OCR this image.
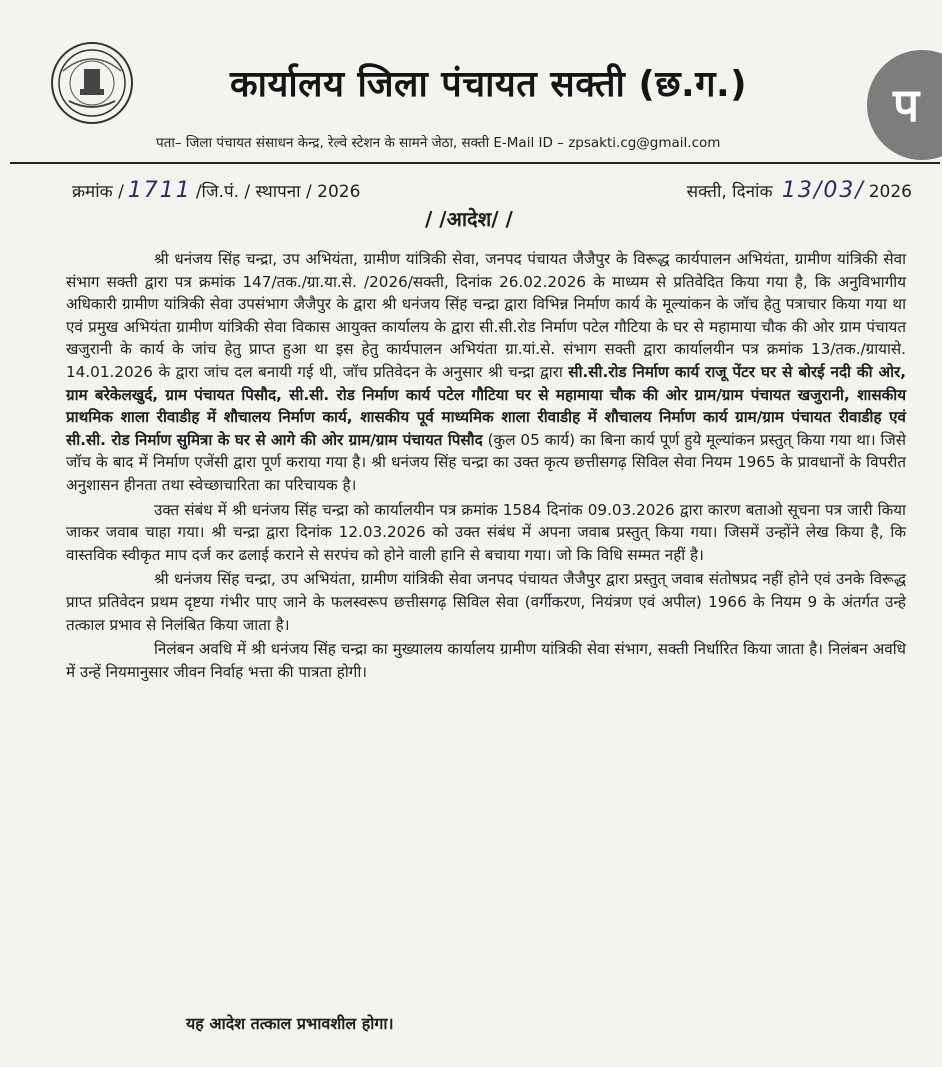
कार्यालय जिला पंचायत सक्ती (छ.ग.)	प
पता– जिला पंचायत संसाधन केन्द्र, रेल्वे स्टेशन के सामने जेठा, सक्ती E-Mail ID – zpsakti.cg@gmail.com
क्रमांक / 1711 /जि.पं. / स्थापना / 2026	सक्ती, दिनांक 13/03/ 2026
/ /आदेश/ /

श्री धनंजय सिंह चन्द्रा, उप अभियंता, ग्रामीण यांत्रिकी सेवा, जनपद पंचायत जैजैपुर के विरूद्ध कार्यपालन अभियंता, ग्रामीण यांत्रिकी सेवा संभाग सक्ती द्वारा पत्र क्रमांक 147/तक./ग्रा.या.से. /2026/सक्ती, दिनांक 26.02.2026 के माध्यम से प्रतिवेदित किया गया है, कि अनुविभागीय अधिकारी ग्रामीण यांत्रिकी सेवा उपसंभाग जैजैपुर के द्वारा श्री धनंजय सिंह चन्द्रा द्वारा विभिन्न निर्माण कार्य के मूल्यांकन के जॉच हेतु पत्राचार किया गया था एवं प्रमुख अभियंता ग्रामीण यांत्रिकी सेवा विकास आयुक्त कार्यालय के द्वारा सी.सी.रोड निर्माण पटेल गौटिया के घर से महामाया चौक की ओर ग्राम पंचायत खजुरानी के कार्य के जांच हेतु प्राप्त हुआ था इस हेतु कार्यपालन अभियंता ग्रा.यां.से. संभाग सक्ती द्वारा कार्यालयीन पत्र क्रमांक 13/तक./ग्रायासे. 14.01.2026 के द्वारा जांच दल बनायी गई थी, जॉच प्रतिवेदन के अनुसार श्री चन्द्रा द्वारा सी.सी.रोड निर्माण कार्य राजू पेंटर घर से बोरई नदी की ओर, ग्राम बरेकेलखुर्द, ग्राम पंचायत पिसौद, सी.सी. रोड निर्माण कार्य पटेल गौटिया घर से महामाया चौक की ओर ग्राम/ग्राम पंचायत खजुरानी, शासकीय प्राथमिक शाला रीवाडीह में शौचालय निर्माण कार्य, शासकीय पूर्व माध्यमिक शाला रीवाडीह में शौचालय निर्माण कार्य ग्राम/ग्राम पंचायत रीवाडीह एवं सी.सी. रोड निर्माण सुमित्रा के घर से आगे की ओर ग्राम/ग्राम पंचायत पिसौद (कुल 05 कार्य) का बिना कार्य पूर्ण हुये मूल्यांकन प्रस्तुत् किया गया था। जिसे जॉच के बाद में निर्माण एजेंसी द्वारा पूर्ण कराया गया है। श्री धनंजय सिंह चन्द्रा का उक्त कृत्य छत्तीसगढ़ सिविल सेवा नियम 1965 के प्रावधानों के विपरीत अनुशासन हीनता तथा स्वेच्छाचारिता का परिचायक है।

उक्त संबंध में श्री धनंजय सिंह चन्द्रा को कार्यालयीन पत्र क्रमांक 1584 दिनांक 09.03.2026 द्वारा कारण बताओ सूचना पत्र जारी किया जाकर जवाब चाहा गया। श्री चन्द्रा द्वारा दिनांक 12.03.2026 को उक्त संबंध में अपना जवाब प्रस्तुत् किया गया। जिसमें उन्होंने लेख किया है, कि वास्तविक स्वीकृत माप दर्ज कर ढलाई कराने से सरपंच को होने वाली हानि से बचाया गया। जो कि विधि सम्मत नहीं है।

श्री धनंजय सिंह चन्द्रा, उप अभियंता, ग्रामीण यांत्रिकी सेवा जनपद पंचायत जैजैपुर द्वारा प्रस्तुत् जवाब संतोषप्रद नहीं होने एवं उनके विरूद्ध प्राप्त प्रतिवेदन प्रथम दृष्टया गंभीर पाए जाने के फलस्वरूप छत्तीसगढ़ सिविल सेवा (वर्गीकरण, नियंत्रण एवं अपील) 1966 के नियम 9 के अंतर्गत उन्हे तत्काल प्रभाव से निलंबित किया जाता है।

निलंबन अवधि में श्री धनंजय सिंह चन्द्रा का मुख्यालय कार्यालय ग्रामीण यांत्रिकी सेवा संभाग, सक्ती निर्धारित किया जाता है। निलंबन अवधि में उन्हें नियमानुसार जीवन निर्वाह भत्ता की पात्रता होगी।

यह आदेश तत्काल प्रभावशील होगा।
